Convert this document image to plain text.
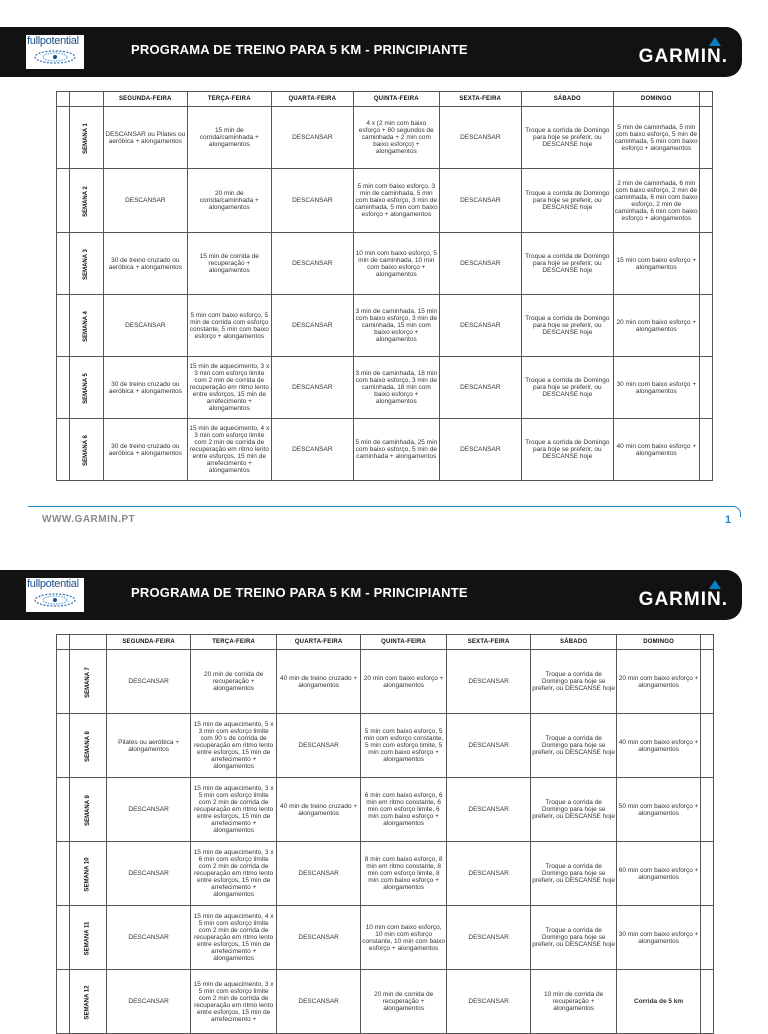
fullpotential
PROGRAMA DE TREINO PARA 5 KM - PRINCIPIANTE	GARMIN.
		SEGUNDA-FEIRA	TERÇA-FEIRA	QUARTA-FEIRA	QUINTA-FEIRA	SEXTA-FEIRA	SÁBADO	DOMINGO	
	SEMANA 1	DESCANSAR ou Pilates ou aeróbica + alongamentos	15 min de corrida/caminhada + alongamentos	DESCANSAR	4 x (2 min com baixo esforço + 60 segundos de caminhada + 2 min com baixo esforço) + alongamentos	DESCANSAR	Troque a corrida de Domingo para hoje se preferir, ou DESCANSE hoje	5 min de caminhada, 5 min com baixo esforço, 5 min de caminhada, 5 min com baixo esforço + alongamentos	
	SEMANA 2	DESCANSAR	20 min de corrida/caminhada + alongamentos	DESCANSAR	5 min com baixo esforço, 3 min de caminhada, 5 min com baixo esforço, 3 min de caminhada, 5 min com baixo esforço + alongamentos	DESCANSAR	Troque a corrida de Domingo para hoje se preferir, ou DESCANSE hoje	2 min de caminhada, 6 min com baixo esforço, 2 min de caminhada, 6 min com baixo esforço, 2 min de caminhada, 6 min com baixo esforço + alongamentos	
	SEMANA 3	30 de treino cruzado ou aeróbica + alongamentos	15 min de corrida de recuperação + alongamentos	DESCANSAR	10 min com baixo esforço, 5 min de caminhada, 10 min com baixo esforço + alongamentos	DESCANSAR	Troque a corrida de Domingo para hoje se preferir, ou DESCANSE hoje	15 min com baixo esforço + alongamentos	
	SEMANA 4	DESCANSAR	5 min com baixo esforço, 5 min de corrida com esforço constante, 5 min com baixo esforço + alongamentos	DESCANSAR	3 min de caminhada, 15 min com baixo esforço, 3 min de caminhada, 15 min com baixo esforço + alongamentos	DESCANSAR	Troque a corrida de Domingo para hoje se preferir, ou DESCANSE hoje	20 min com baixo esforço + alongamentos	
	SEMANA 5	30 de treino cruzado ou aeróbica + alongamentos	15 min de aquecimento, 3 x 3 min com esforço limite com 2 min de corrida de recuperação em ritmo lento entre esforços, 15 min de arrefecimento + alongamentos	DESCANSAR	3 min de caminhada, 18 min com baixo esforço, 3 min de caminhada, 18 min com baixo esforço + alongamentos	DESCANSAR	Troque a corrida de Domingo para hoje se preferir, ou DESCANSE hoje	30 min com baixo esforço + alongamentos	
	SEMANA 6	30 de treino cruzado ou aeróbica + alongamentos	15 min de aquecimento, 4 x 3 min com esforço limite com 2 min de corrida de recuperação em ritmo lento entre esforços, 15 min de arrefecimento + alongamentos	DESCANSAR	5 min de caminhada, 25 min com baixo esforço, 5 min de caminhada + alongamentos	DESCANSAR	Troque a corrida de Domingo para hoje se preferir, ou DESCANSE hoje	40 min com baixo esforço + alongamentos	
WWW.GARMIN.PT	1
fullpotential
PROGRAMA DE TREINO PARA 5 KM - PRINCIPIANTE	GARMIN.
		SEGUNDA-FEIRA	TERÇA-FEIRA	QUARTA-FEIRA	QUINTA-FEIRA	SEXTA-FEIRA	SÁBADO	DOMINGO	
	SEMANA 7	DESCANSAR	20 min de corrida de recuperação + alongamentos	40 min de treino cruzado + alongamentos	20 min com baixo esforço + alongamentos	DESCANSAR	Troque a corrida de Domingo para hoje se preferir, ou DESCANSE hoje	20 min com baixo esforço + alongamentos	
	SEMANA 8	Pilates ou aeróbica + alongamentos	15 min de aquecimento, 5 x 3 min com esforço limite com 90 s de corrida de recuperação em ritmo lento entre esforços, 15 min de arrefecimento + alongamentos	DESCANSAR	5 min com baixo esforço, 5 min com esforço constante, 5 min com esforço limite, 5 min com baixo esforço + alongamentos	DESCANSAR	Troque a corrida de Domingo para hoje se preferir, ou DESCANSE hoje	40 min com baixo esforço + alongamentos	
	SEMANA 9	DESCANSAR	15 min de aquecimento, 3 x 5 min com esforço limite com 2 min de corrida de recuperação em ritmo lento entre esforços, 15 min de arrefecimento + alongamentos	40 min de treino cruzado + alongamentos	6 min com baixo esforço, 6 min em ritmo constante, 6 min com esforço limite, 6 min com baixo esforço + alongamentos	DESCANSAR	Troque a corrida de Domingo para hoje se preferir, ou DESCANSE hoje	50 min com baixo esforço + alongamentos	
	SEMANA 10	DESCANSAR	15 min de aquecimento, 3 x 6 min com esforço limite com 2 min de corrida de recuperação em ritmo lento entre esforços, 15 min de arrefecimento + alongamentos	DESCANSAR	8 min com baixo esforço, 8 min em ritmo constante, 8 min com esforço limite, 8 min com baixo esforço + alongamentos	DESCANSAR	Troque a corrida de Domingo para hoje se preferir, ou DESCANSE hoje	60 min com baixo esforço + alongamentos	
	SEMANA 11	DESCANSAR	15 min de aquecimento, 4 x 5 min com esforço limite com 2 min de corrida de recuperação em ritmo lento entre esforços, 15 min de arrefecimento + alongamentos	DESCANSAR	10 min com baixo esforço, 10 min com esforço constante, 10 min com baixo esforço + alongamentos	DESCANSAR	Troque a corrida de Domingo para hoje se preferir, ou DESCANSE hoje	30 min com baixo esforço + alongamentos	
	SEMANA 12	DESCANSAR	15 min de aquecimento, 3 x 5 min com esforço limite com 2 min de corrida de recuperação em ritmo lento entre esforços, 15 min de arrefecimento +	DESCANSAR	20 min de corrida de recuperação + alongamentos	DESCANSAR	10 min de corrida de recuperação + alongamentos	Corrida de 5 km	
